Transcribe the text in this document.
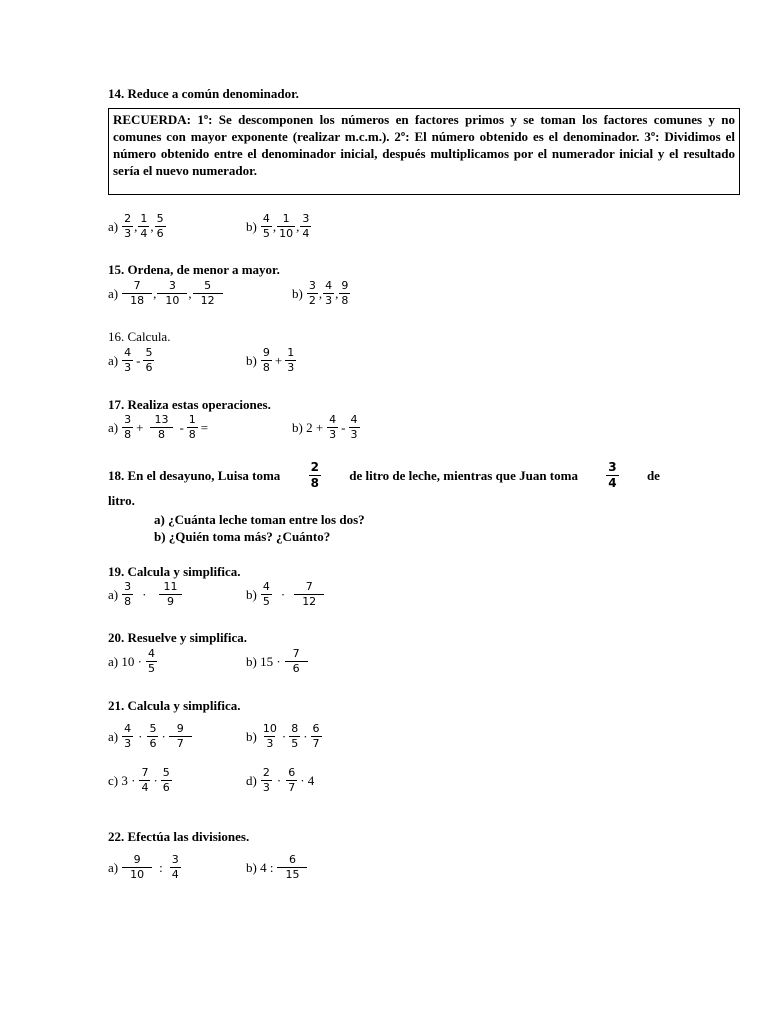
14. Reduce a común denominador.
RECUERDA: 1º: Se descomponen los números en factores primos y se toman los factores comunes y no comunes con mayor exponente (realizar m.c.m.). 2º: El número obtenido es el denominador. 3º: Dividimos el número obtenido entre el denominador inicial, después multiplicamos por el numerador inicial y el resultado sería el nuevo numerador.
$a) \frac{2}{3}$ , $\frac{1}{4}$ , $\frac{5}{6}$	$b) \frac{4}{5}$ , $\frac{1}{10}$ , $\frac{3}{4}$
15. Ordena, de menor a mayor.
$a) \frac{7}{18}$ , $\frac{3}{10}$ , $\frac{5}{12}$	$b) \frac{3}{2}$ , $\frac{4}{3}$ , $\frac{9}{8}$
16. Calcula.
$a) \frac{4}{3} - \frac{5}{6}$	$b) \frac{9}{8} + \frac{1}{3}$
17. Realiza estas operaciones.
$a) \frac{3}{8} + \frac{13}{8} - \frac{1}{8}$ =	b) $2 + \frac{4}{3} - \frac{4}{3}$
18. En el desayuno, Luisa toma $\frac{2}{8}$ de litro de leche, mientras que Juan toma $\frac{3}{4}$ de
litro.
a) ¿Cuánta leche toman entre los dos?
b) ¿Quién toma más? ¿Cuánto?
19. Calcula y simplifica.
$a) \frac{3}{8} \cdot \frac{11}{9}$	$b) \frac{4}{5} \cdot \frac{7}{12}$
20. Resuelve y simplifica.
a) $10 \cdot \frac{4}{5}$	b) $15 \cdot \frac{7}{6}$
21. Calcula y simplifica.
$a) \frac{4}{3} \cdot \frac{5}{6} \cdot \frac{9}{7}$	$b) \frac{10}{3} \cdot \frac{8}{5} \cdot \frac{6}{7}$
c) $3 \cdot \frac{7}{4} \cdot \frac{5}{6}$	$d) \frac{2}{3} \cdot \frac{6}{7} \cdot 4$
22. Efectúa las divisiones.
$a) \frac{9}{10}$ : $\frac{3}{4}$	b) 4 : $\frac{6}{15}$
